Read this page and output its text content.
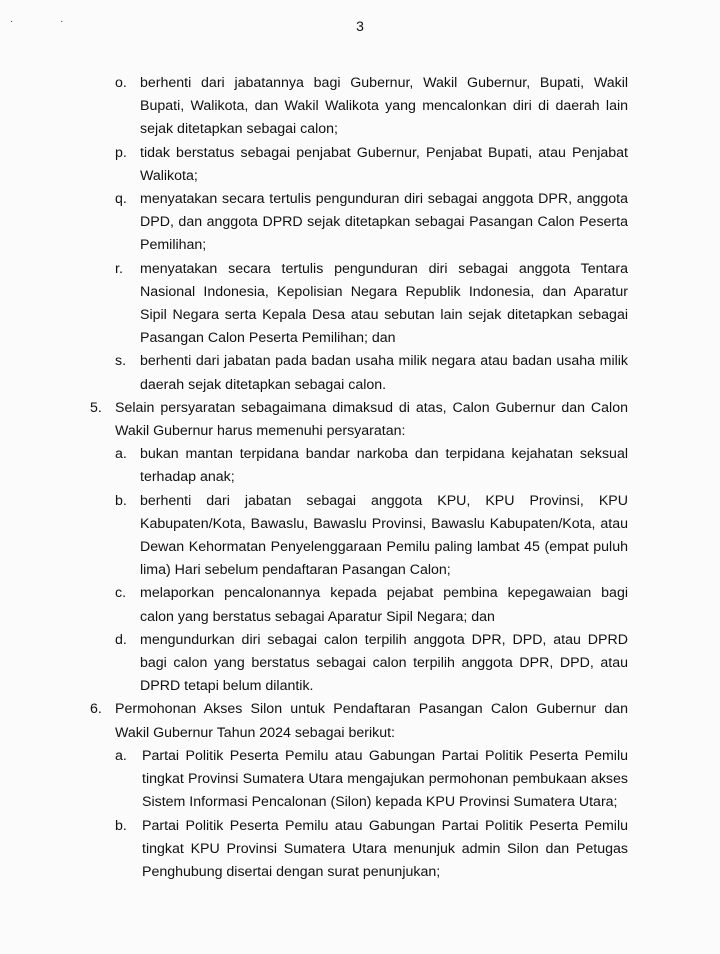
· ·	3
o. berhenti dari jabatannya bagi Gubernur, Wakil Gubernur, Bupati, Wakil Bupati, Walikota, dan Wakil Walikota yang mencalonkan diri di daerah lain sejak ditetapkan sebagai calon;
p. tidak berstatus sebagai penjabat Gubernur, Penjabat Bupati, atau Penjabat Walikota;
q. menyatakan secara tertulis pengunduran diri sebagai anggota DPR, anggota DPD, dan anggota DPRD sejak ditetapkan sebagai Pasangan Calon Peserta Pemilihan;
r. menyatakan secara tertulis pengunduran diri sebagai anggota Tentara Nasional Indonesia, Kepolisian Negara Republik Indonesia, dan Aparatur Sipil Negara serta Kepala Desa atau sebutan lain sejak ditetapkan sebagai Pasangan Calon Peserta Pemilihan; dan
s. berhenti dari jabatan pada badan usaha milik negara atau badan usaha milik daerah sejak ditetapkan sebagai calon.
5. Selain persyaratan sebagaimana dimaksud di atas, Calon Gubernur dan Calon Wakil Gubernur harus memenuhi persyaratan:
a. bukan mantan terpidana bandar narkoba dan terpidana kejahatan seksual terhadap anak;
b. berhenti dari jabatan sebagai anggota KPU, KPU Provinsi, KPU Kabupaten/Kota, Bawaslu, Bawaslu Provinsi, Bawaslu Kabupaten/Kota, atau Dewan Kehormatan Penyelenggaraan Pemilu paling lambat 45 (empat puluh lima) Hari sebelum pendaftaran Pasangan Calon;
c. melaporkan pencalonannya kepada pejabat pembina kepegawaian bagi calon yang berstatus sebagai Aparatur Sipil Negara; dan
d. mengundurkan diri sebagai calon terpilih anggota DPR, DPD, atau DPRD bagi calon yang berstatus sebagai calon terpilih anggota DPR, DPD, atau DPRD tetapi belum dilantik.
6. Permohonan Akses Silon untuk Pendaftaran Pasangan Calon Gubernur dan Wakil Gubernur Tahun 2024 sebagai berikut:
a. Partai Politik Peserta Pemilu atau Gabungan Partai Politik Peserta Pemilu tingkat Provinsi Sumatera Utara mengajukan permohonan pembukaan akses Sistem Informasi Pencalonan (Silon) kepada KPU Provinsi Sumatera Utara;
b. Partai Politik Peserta Pemilu atau Gabungan Partai Politik Peserta Pemilu tingkat KPU Provinsi Sumatera Utara menunjuk admin Silon dan Petugas Penghubung disertai dengan surat penunjukan;
